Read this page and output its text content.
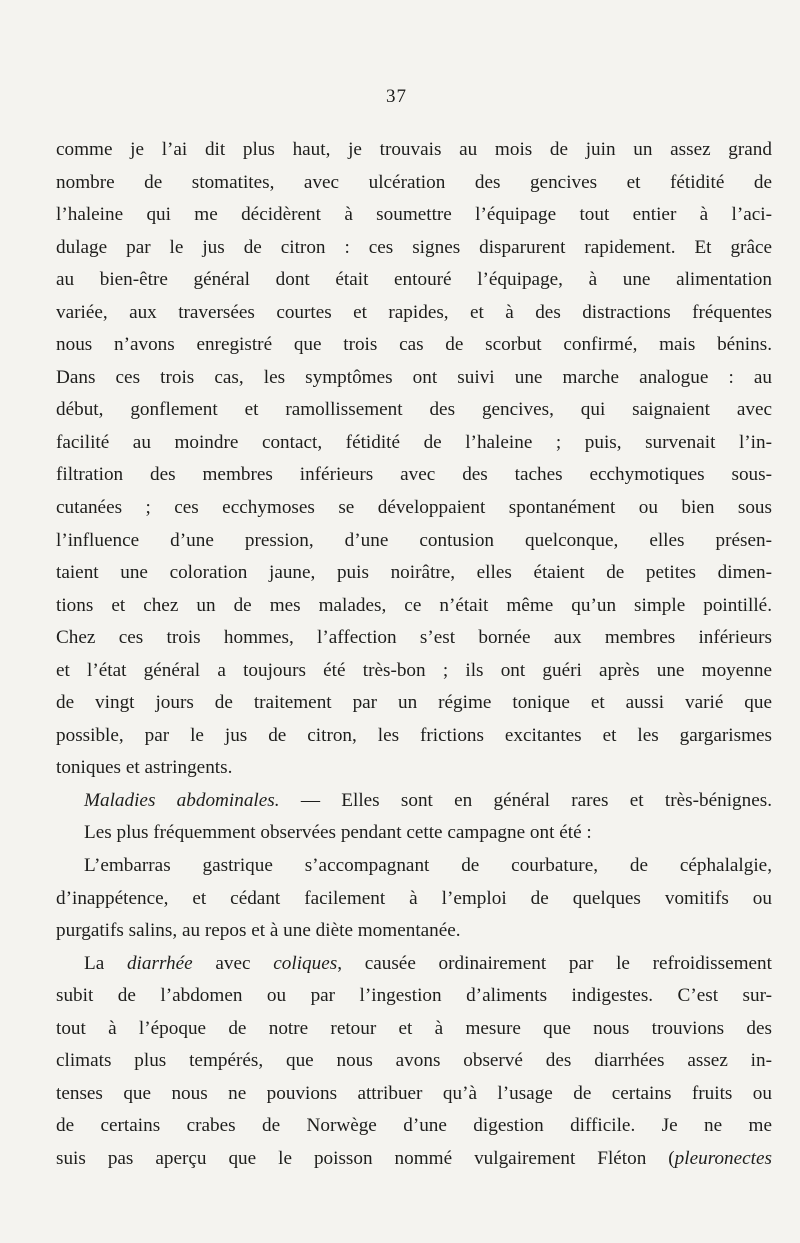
37

comme je l’ai dit plus haut, je trouvais au mois de juin un assez grand
nombre de stomatites, avec ulcération des gencives et fétidité de
l’haleine qui me décidèrent à soumettre l’équipage tout entier à l’aci-
dulage par le jus de citron : ces signes disparurent rapidement. Et grâce
au bien-être général dont était entouré l’équipage, à une alimentation
variée, aux traversées courtes et rapides, et à des distractions fréquentes
nous n’avons enregistré que trois cas de scorbut confirmé, mais bénins.
Dans ces trois cas, les symptômes ont suivi une marche analogue : au
début, gonflement et ramollissement des gencives, qui saignaient avec
facilité au moindre contact, fétidité de l’haleine ; puis, survenait l’in-
filtration des membres inférieurs avec des taches ecchymotiques sous-
cutanées ; ces ecchymoses se développaient spontanément ou bien sous
l’influence d’une pression, d’une contusion quelconque, elles présen-
taient une coloration jaune, puis noirâtre, elles étaient de petites dimen-
tions et chez un de mes malades, ce n’était même qu’un simple pointillé.
Chez ces trois hommes, l’affection s’est bornée aux membres inférieurs
et l’état général a toujours été très-bon ; ils ont guéri après une moyenne
de vingt jours de traitement par un régime tonique et aussi varié que
possible, par le jus de citron, les frictions excitantes et les gargarismes
toniques et astringents.

Maladies abdominales. — Elles sont en général rares et très-bénignes.
Les plus fréquemment observées pendant cette campagne ont été :

L’embarras gastrique s’accompagnant de courbature, de céphalalgie,
d’inappétence, et cédant facilement à l’emploi de quelques vomitifs ou
purgatifs salins, au repos et à une diète momentanée.

La diarrhée avec coliques, causée ordinairement par le refroidissement
subit de l’abdomen ou par l’ingestion d’aliments indigestes. C’est sur-
tout à l’époque de notre retour et à mesure que nous trouvions des
climats plus tempérés, que nous avons observé des diarrhées assez in-
tenses que nous ne pouvions attribuer qu’à l’usage de certains fruits ou
de certains crabes de Norwège d’une digestion difficile. Je ne me
suis pas aperçu que le poisson nommé vulgairement Fléton (pleuronectes
